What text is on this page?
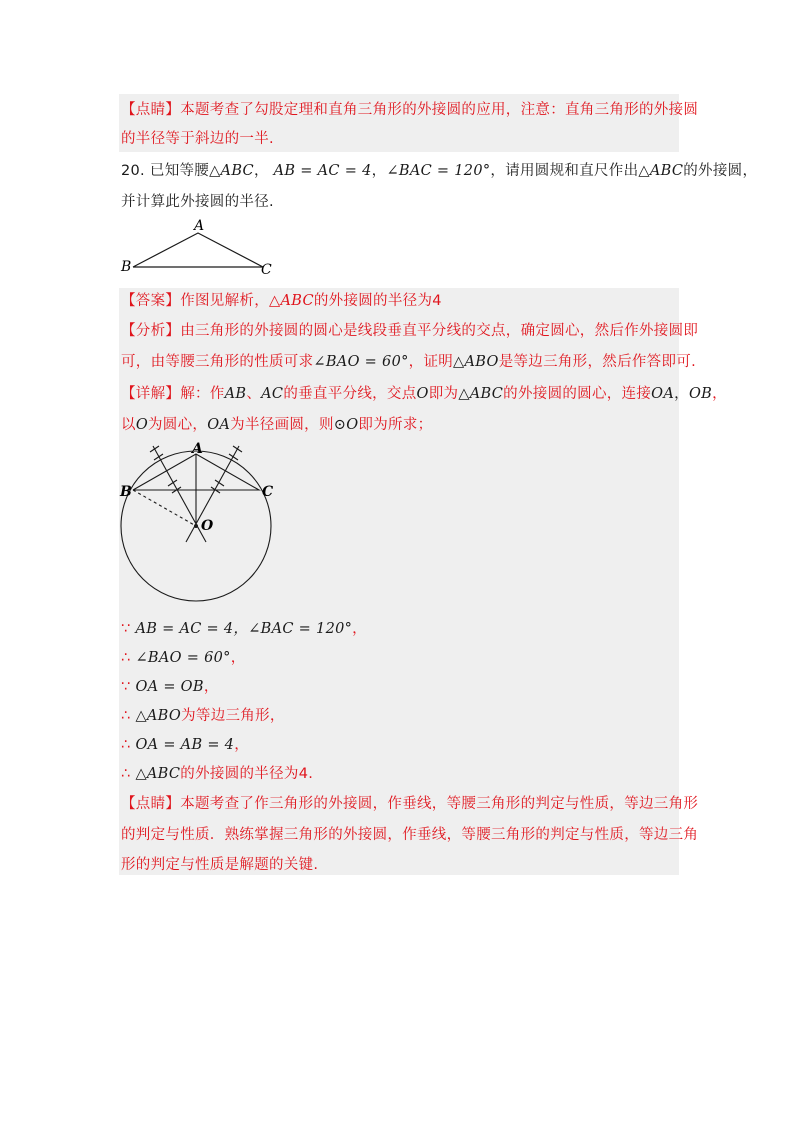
【点睛】本题考查了勾股定理和直角三角形的外接圆的应用，注意：直角三角形的外接圆
的半径等于斜边的一半.
20. 已知等腰△ABC， AB = AC = 4，∠BAC = 120°，请用圆规和直尺作出△ABC的外接圆，
并计算此外接圆的半径.
A
B	C
【答案】作图见解析，△ABC的外接圆的半径为4
【分析】由三角形的外接圆的圆心是线段垂直平分线的交点，确定圆心，然后作外接圆即
可，由等腰三角形的性质可求∠BAO = 60°，证明△ABO是等边三角形，然后作答即可.
【详解】解：作AB、AC的垂直平分线，交点O即为△ABC的外接圆的圆心，连接OA，OB，
以O为圆心，OA为半径画圆，则⊙O即为所求；
A
B	C
O
∵ AB = AC = 4，∠BAC = 120°，
∴ ∠BAO = 60°，
∵ OA = OB，
∴ △ABO为等边三角形，
∴ OA = AB = 4，
∴ △ABC的外接圆的半径为4.
【点睛】本题考查了作三角形的外接圆，作垂线，等腰三角形的判定与性质，等边三角形
的判定与性质．熟练掌握三角形的外接圆，作垂线，等腰三角形的判定与性质，等边三角
形的判定与性质是解题的关键.
